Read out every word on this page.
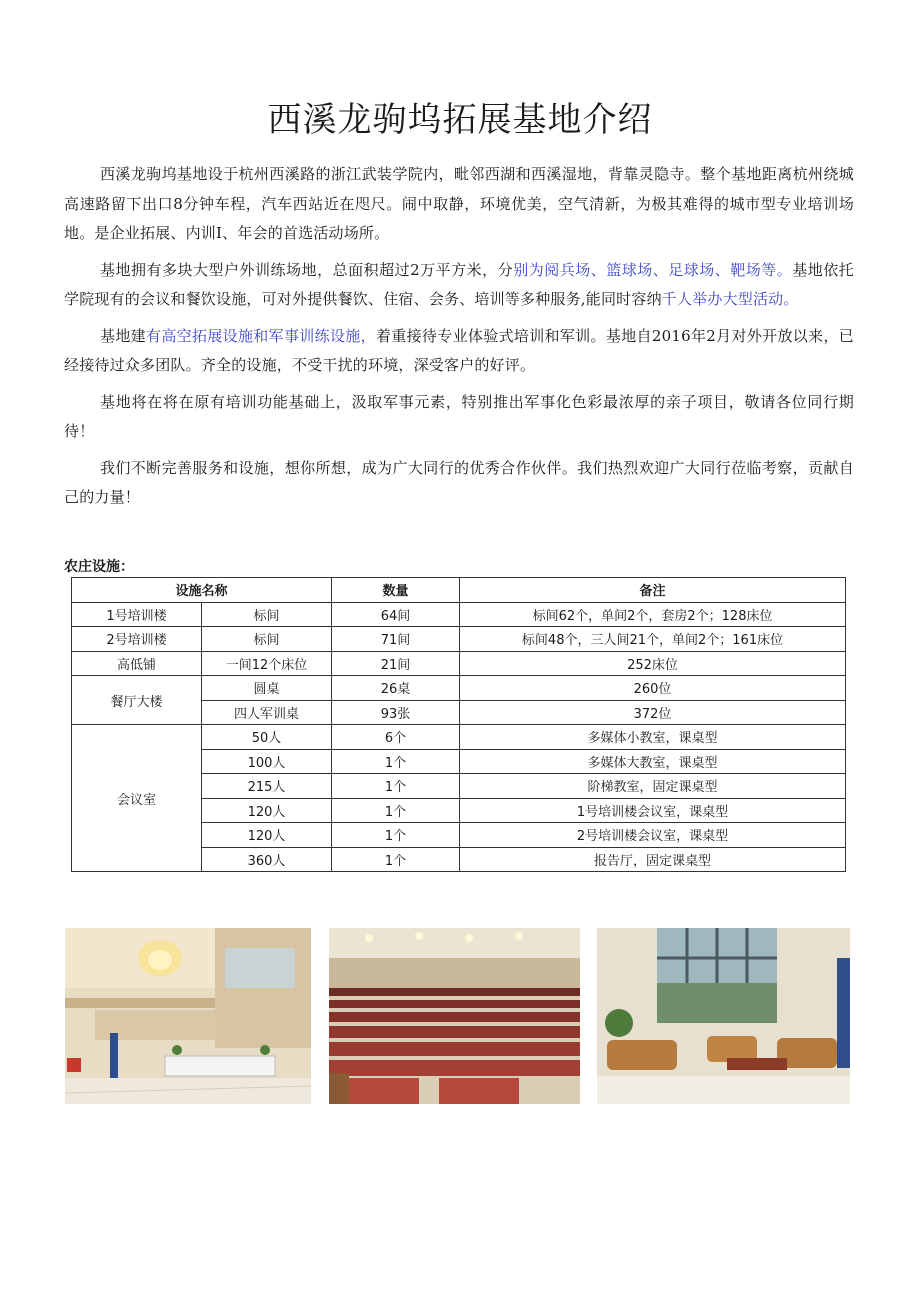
西溪龙驹坞拓展基地介绍

西溪龙驹坞基地设于杭州西溪路的浙江武装学院内，毗邻西湖和西溪湿地，背靠灵隐寺。整个基地距离杭州绕城高速路留下出口8分钟车程，汽车西站近在咫尺。闹中取静，环境优美，空气清新，为极其难得的城市型专业培训场地。是企业拓展、内训Ⅰ、年会的首选活动场所。

基地拥有多块大型户外训练场地，总面积超过2万平方米，分别为阅兵场、篮球场、足球场、靶场等。基地依托学院现有的会议和餐饮设施，可对外提供餐饮、住宿、会务、培训等多种服务,能同时容纳千人举办大型活动。

基地建有高空拓展设施和军事训练设施，着重接待专业体验式培训和军训。基地自2016年2月对外开放以来，已经接待过众多团队。齐全的设施，不受干扰的环境，深受客户的好评。

基地将在将在原有培训功能基础上，汲取军事元素，特别推出军事化色彩最浓厚的亲子项目，敬请各位同行期待！

我们不断完善服务和设施，想你所想，成为广大同行的优秀合作伙伴。我们热烈欢迎广大同行莅临考察，贡献自己的力量！

农庄设施：

设施名称		数量	备注
1号培训楼	标间	64间	标间62个，单间2个，套房2个；128床位
2号培训楼	标间	71间	标间48个，三人间21个，单间2个；161床位
高低铺	一间12个床位	21间	252床位
餐厅大楼	圆桌	26桌	260位
	四人军训桌	93张	372位
会议室	50人	6个	多媒体小教室，课桌型
	100人	1个	多媒体大教室，课桌型
	215人	1个	阶梯教室，固定课桌型
	120人	1个	1号培训楼会议室，课桌型
	120人	1个	2号培训楼会议室，课桌型
	360人	1个	报告厅，固定课桌型
